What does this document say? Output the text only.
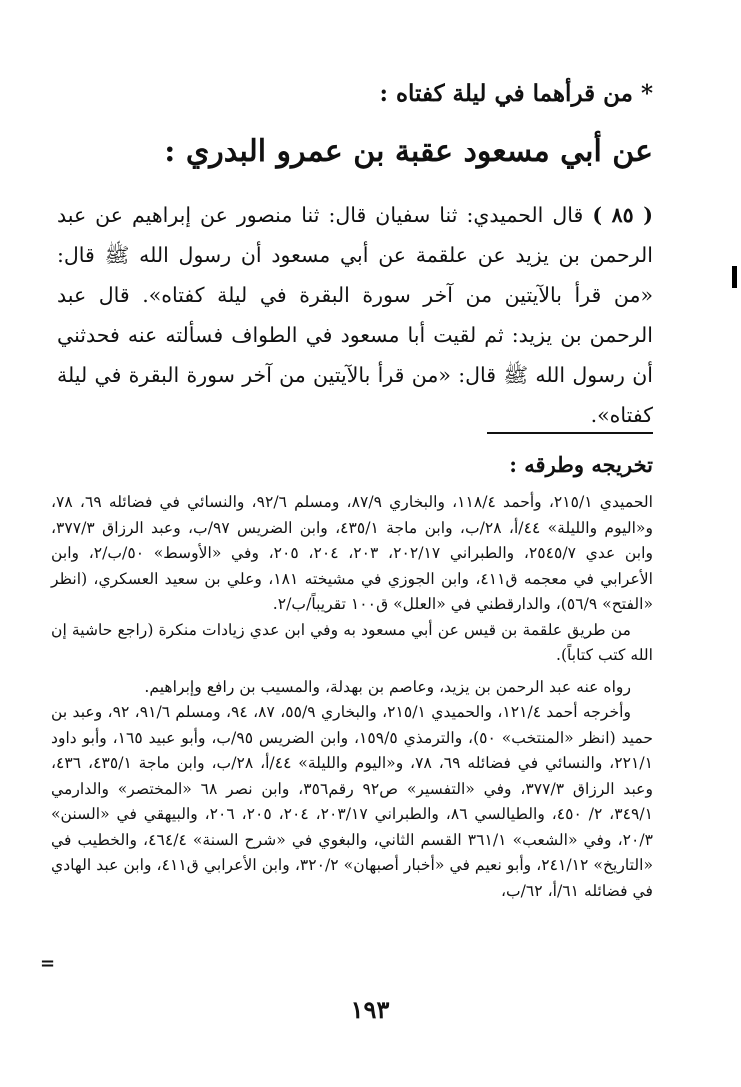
* من قرأهما في ليلة كفتاه :
عن أبي مسعود عقبة بن عمرو البدري :
( ٨٥ ) قال الحميدي: ثنا سفيان قال: ثنا منصور عن إبراهيم عن عبد الرحمن بن يزيد عن علقمة عن أبي مسعود أن رسول الله ﷺ قال: «من قرأ بالآيتين من آخر سورة البقرة في ليلة كفتاه». قال عبد الرحمن بن يزيد: ثم لقيت أبا مسعود في الطواف فسألته عنه فحدثني أن رسول الله ﷺ قال: «من قرأ بالآيتين من آخر سورة البقرة في ليلة كفتاه».
تخريجه وطرقه :

الحميدي ٢١٥/١، وأحمد ١١٨/٤، والبخاري ٨٧/٩، ومسلم ٩٢/٦، والنسائي في فضائله ٦٩، ٧٨، و«اليوم والليلة» ٤٤/أ، ٢٨/ب، وابن ماجة ٤٣٥/١، وابن الضريس ٩٧/ب، وعبد الرزاق ٣٧٧/٣، وابن عدي ٢٥٤٥/٧، والطبراني ٢٠٢/١٧، ٢٠٣، ٢٠٤، ٢٠٥، وفي «الأوسط» ٥٠/ب/٢، وابن الأعرابي في معجمه ق٤١١، وابن الجوزي في مشيخته ١٨١، وعلي بن سعيد العسكري، (انظر «الفتح» ٥٦/٩)، والدارقطني في «العلل» ق١٠٠ تقريباً/ب/٢.

من طريق علقمة بن قيس عن أبي مسعود به وفي ابن عدي زيادات منكرة (راجع حاشية إن الله كتب كتاباً).

رواه عنه عبد الرحمن بن يزيد، وعاصم بن بهدلة، والمسيب بن رافع وإبراهيم.

وأخرجه أحمد ١٢١/٤، والحميدي ٢١٥/١، والبخاري ٥٥/٩، ٨٧، ٩٤، ومسلم ٩١/٦، ٩٢، وعبد بن حميد (انظر «المنتخب» ٥٠)، والترمذي ١٥٩/٥، وابن الضريس ٩٥/ب، وأبو عبيد ١٦٥، وأبو داود ٢٢١/١، والنسائي في فضائله ٦٩، ٧٨، و«اليوم والليلة» ٤٤/أ، ٢٨/ب، وابن ماجة ٤٣٥/١، ٤٣٦، وعبد الرزاق ٣٧٧/٣، وفي «التفسير» ص٩٢ رقم٣٥٦، وابن نصر ٦٨ «المختصر» والدارمي ٣٤٩/١، ٢/ ٤٥٠، والطيالسي ٨٦، والطبراني ٢٠٣/١٧، ٢٠٤، ٢٠٥، ٢٠٦، والبيهقي في «السنن» ٢٠/٣، وفي «الشعب» ٣٦١/١ القسم الثاني، والبغوي في «شرح السنة» ٤٦٤/٤، والخطيب في «التاريخ» ٢٤١/١٢، وأبو نعيم في «أخبار أصبهان» ٣٢٠/٢، وابن الأعرابي ق٤١١، وابن عبد الهادي في فضائله ٦١/أ، ٦٢/ب،

=
١٩٣
